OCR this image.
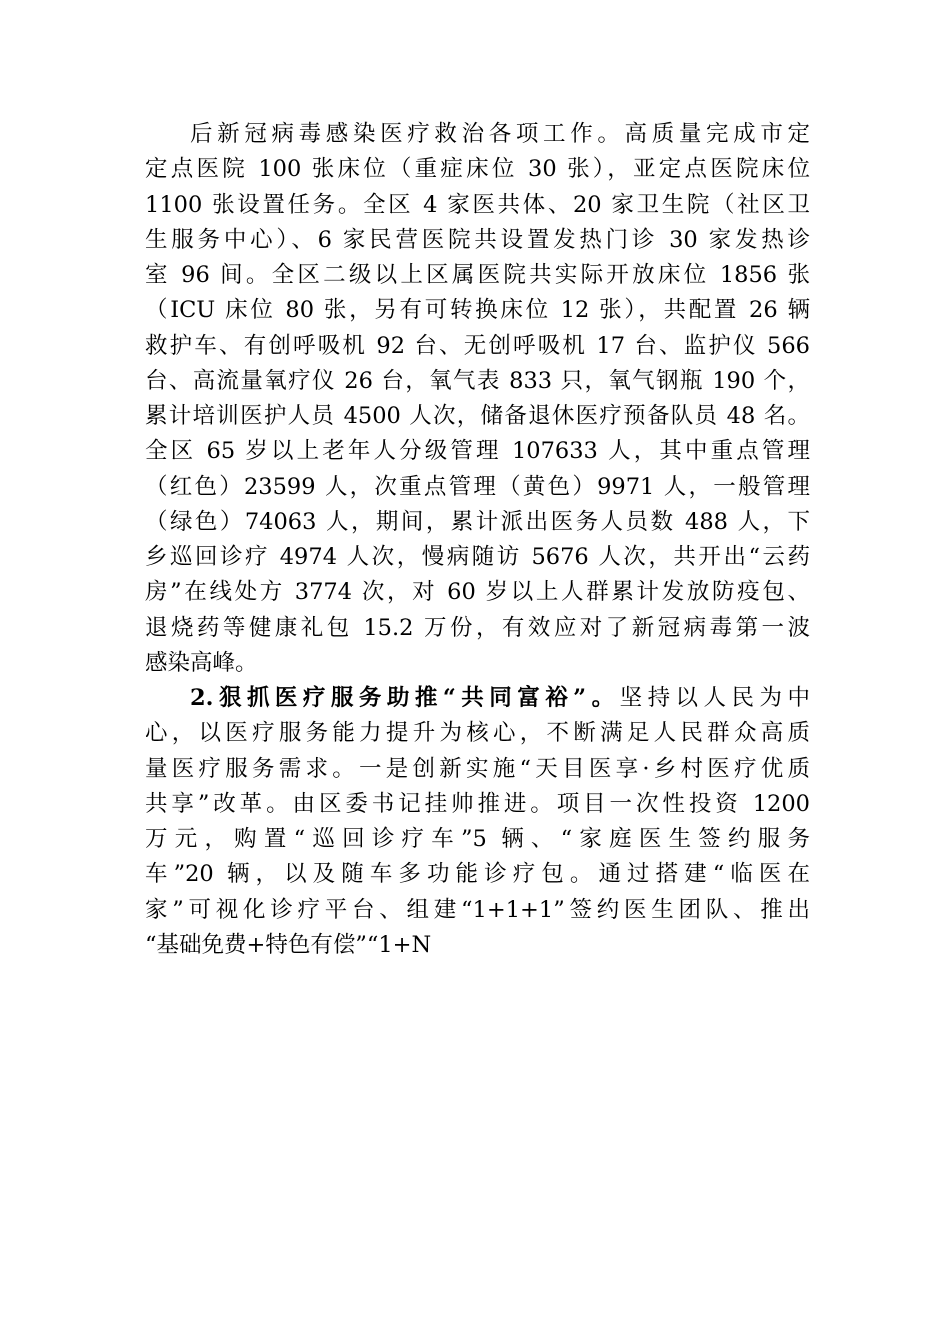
后新冠病毒感染医疗救治各项工作。高质量完成市定
定点医院 100 张床位（重症床位 30 张），亚定点医院床位
1100 张设置任务。全区 4 家医共体、20 家卫生院（社区卫
生服务中心）、6 家民营医院共设置发热门诊 30 家发热诊
室 96 间。全区二级以上区属医院共实际开放床位 1856 张
（ICU 床位 80 张，另有可转换床位 12 张），共配置 26 辆
救护车、有创呼吸机 92 台、无创呼吸机 17 台、监护仪 566
台、高流量氧疗仪 26 台，氧气表 833 只，氧气钢瓶 190 个，
累计培训医护人员 4500 人次，储备退休医疗预备队员 48 名。
全区 65 岁以上老年人分级管理 107633 人，其中重点管理
（红色）23599 人，次重点管理（黄色）9971 人，一般管理
（绿色）74063 人，期间，累计派出医务人员数 488 人，下
乡巡回诊疗 4974 人次，慢病随访 5676 人次，共开出“云药
房”在线处方 3774 次，对 60 岁以上人群累计发放防疫包、
退烧药等健康礼包 15.2 万份，有效应对了新冠病毒第一波
感染高峰。
2.狠抓医疗服务助推“共同富裕”。坚持以人民为中
心，以医疗服务能力提升为核心，不断满足人民群众高质
量医疗服务需求。一是创新实施“天目医享·乡村医疗优质
共享”改革。由区委书记挂帅推进。项目一次性投资 1200
万元，购置“巡回诊疗车”5 辆、“家庭医生签约服务
车”20 辆，以及随车多功能诊疗包。通过搭建“临医在
家”可视化诊疗平台、组建“1+1+1”签约医生团队、推出
“基础免费+特色有偿”“1+N
